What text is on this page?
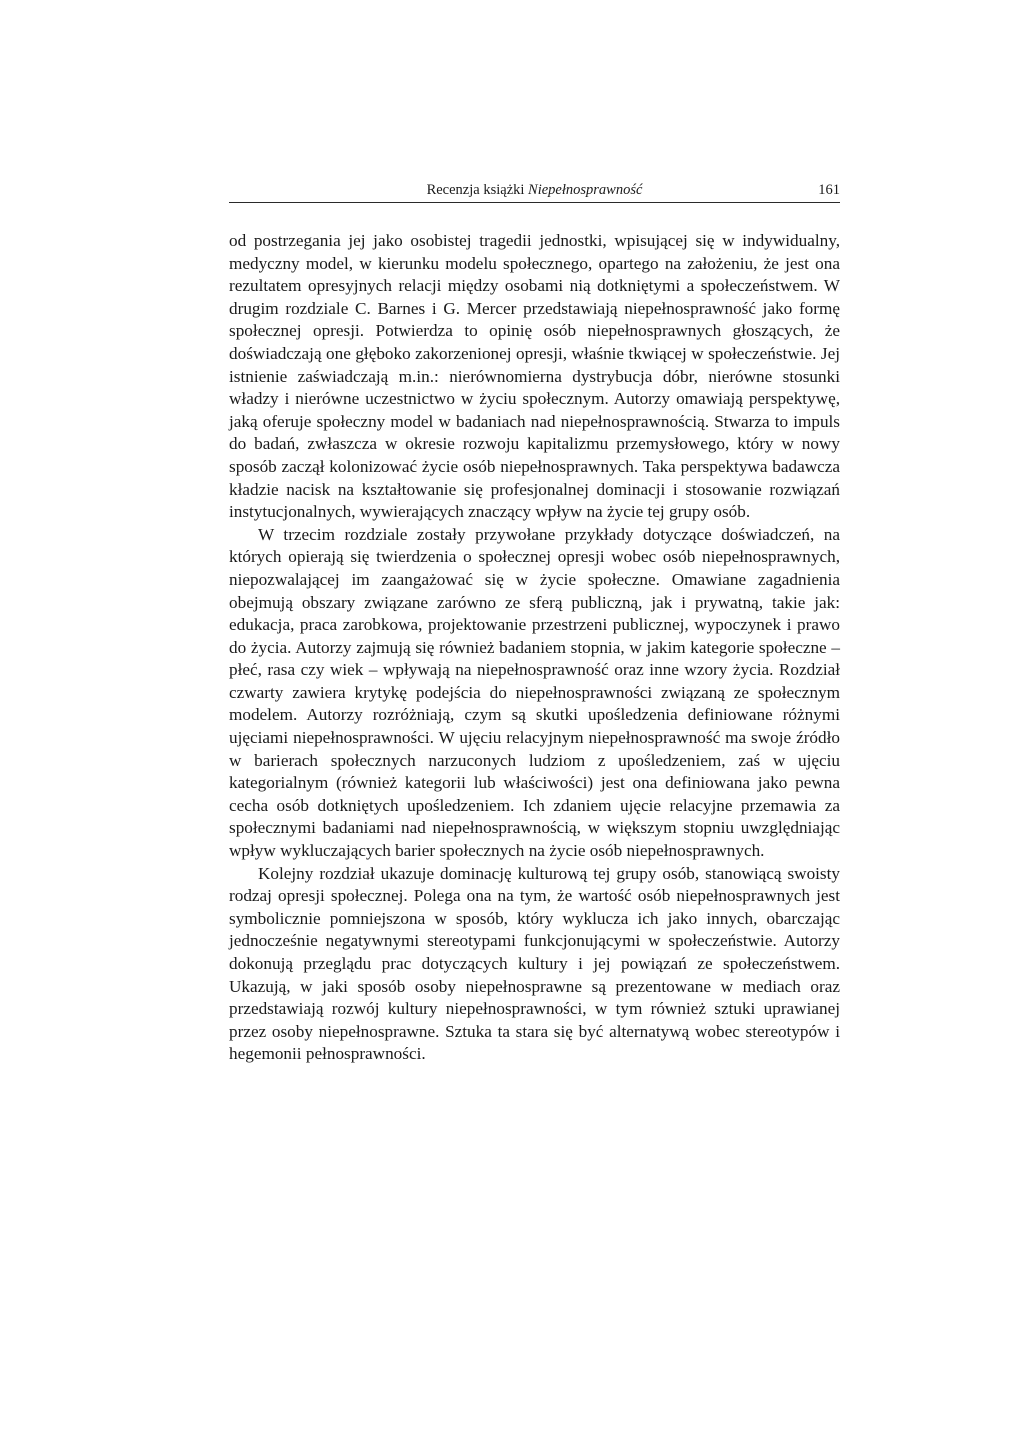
Recenzja książki Niepełnosprawność	161

od postrzegania jej jako osobistej tragedii jednostki, wpisującej się w indywidualny, medyczny model, w kierunku modelu społecznego, opartego na założeniu, że jest ona rezultatem opresyjnych relacji między osobami nią dotkniętymi a społeczeństwem. W drugim rozdziale C. Barnes i G. Mercer przedstawiają niepełnosprawność jako formę społecznej opresji. Potwierdza to opinię osób niepełnosprawnych głoszących, że doświadczają one głęboko zakorzenionej opresji, właśnie tkwiącej w społeczeństwie. Jej istnienie zaświadczają m.in.: nierównomierna dystrybucja dóbr, nierówne stosunki władzy i nierówne uczestnictwo w życiu społecznym. Autorzy omawiają perspektywę, jaką oferuje społeczny model w badaniach nad niepełnosprawnością. Stwarza to impuls do badań, zwłaszcza w okresie rozwoju kapitalizmu przemysłowego, który w nowy sposób zaczął kolonizować życie osób niepełnosprawnych. Taka perspektywa badawcza kładzie nacisk na kształtowanie się profesjonalnej dominacji i stosowanie rozwiązań instytucjonalnych, wywierających znaczący wpływ na życie tej grupy osób.

W trzecim rozdziale zostały przywołane przykłady dotyczące doświadczeń, na których opierają się twierdzenia o społecznej opresji wobec osób niepełnosprawnych, niepozwalającej im zaangażować się w życie społeczne. Omawiane zagadnienia obejmują obszary związane zarówno ze sferą publiczną, jak i prywatną, takie jak: edukacja, praca zarobkowa, projektowanie przestrzeni publicznej, wypoczynek i prawo do życia. Autorzy zajmują się również badaniem stopnia, w jakim kategorie społeczne – płeć, rasa czy wiek – wpływają na niepełnosprawność oraz inne wzory życia. Rozdział czwarty zawiera krytykę podejścia do niepełnosprawności związaną ze społecznym modelem. Autorzy rozróżniają, czym są skutki upośledzenia definiowane różnymi ujęciami niepełnosprawności. W ujęciu relacyjnym niepełnosprawność ma swoje źródło w barierach społecznych narzuconych ludziom z upośledzeniem, zaś w ujęciu kategorialnym (również kategorii lub właściwości) jest ona definiowana jako pewna cecha osób dotkniętych upośledzeniem. Ich zdaniem ujęcie relacyjne przemawia za społecznymi badaniami nad niepełnosprawnością, w większym stopniu uwzględniając wpływ wykluczających barier społecznych na życie osób niepełnosprawnych.

Kolejny rozdział ukazuje dominację kulturową tej grupy osób, stanowiącą swoisty rodzaj opresji społecznej. Polega ona na tym, że wartość osób niepełnosprawnych jest symbolicznie pomniejszona w sposób, który wyklucza ich jako innych, obarczając jednocześnie negatywnymi stereotypami funkcjonującymi w społeczeństwie. Autorzy dokonują przeglądu prac dotyczących kultury i jej powiązań ze społeczeństwem. Ukazują, w jaki sposób osoby niepełnosprawne są prezentowane w mediach oraz przedstawiają rozwój kultury niepełnosprawności, w tym również sztuki uprawianej przez osoby niepełnosprawne. Sztuka ta stara się być alternatywą wobec stereotypów i hegemonii pełnosprawności.
